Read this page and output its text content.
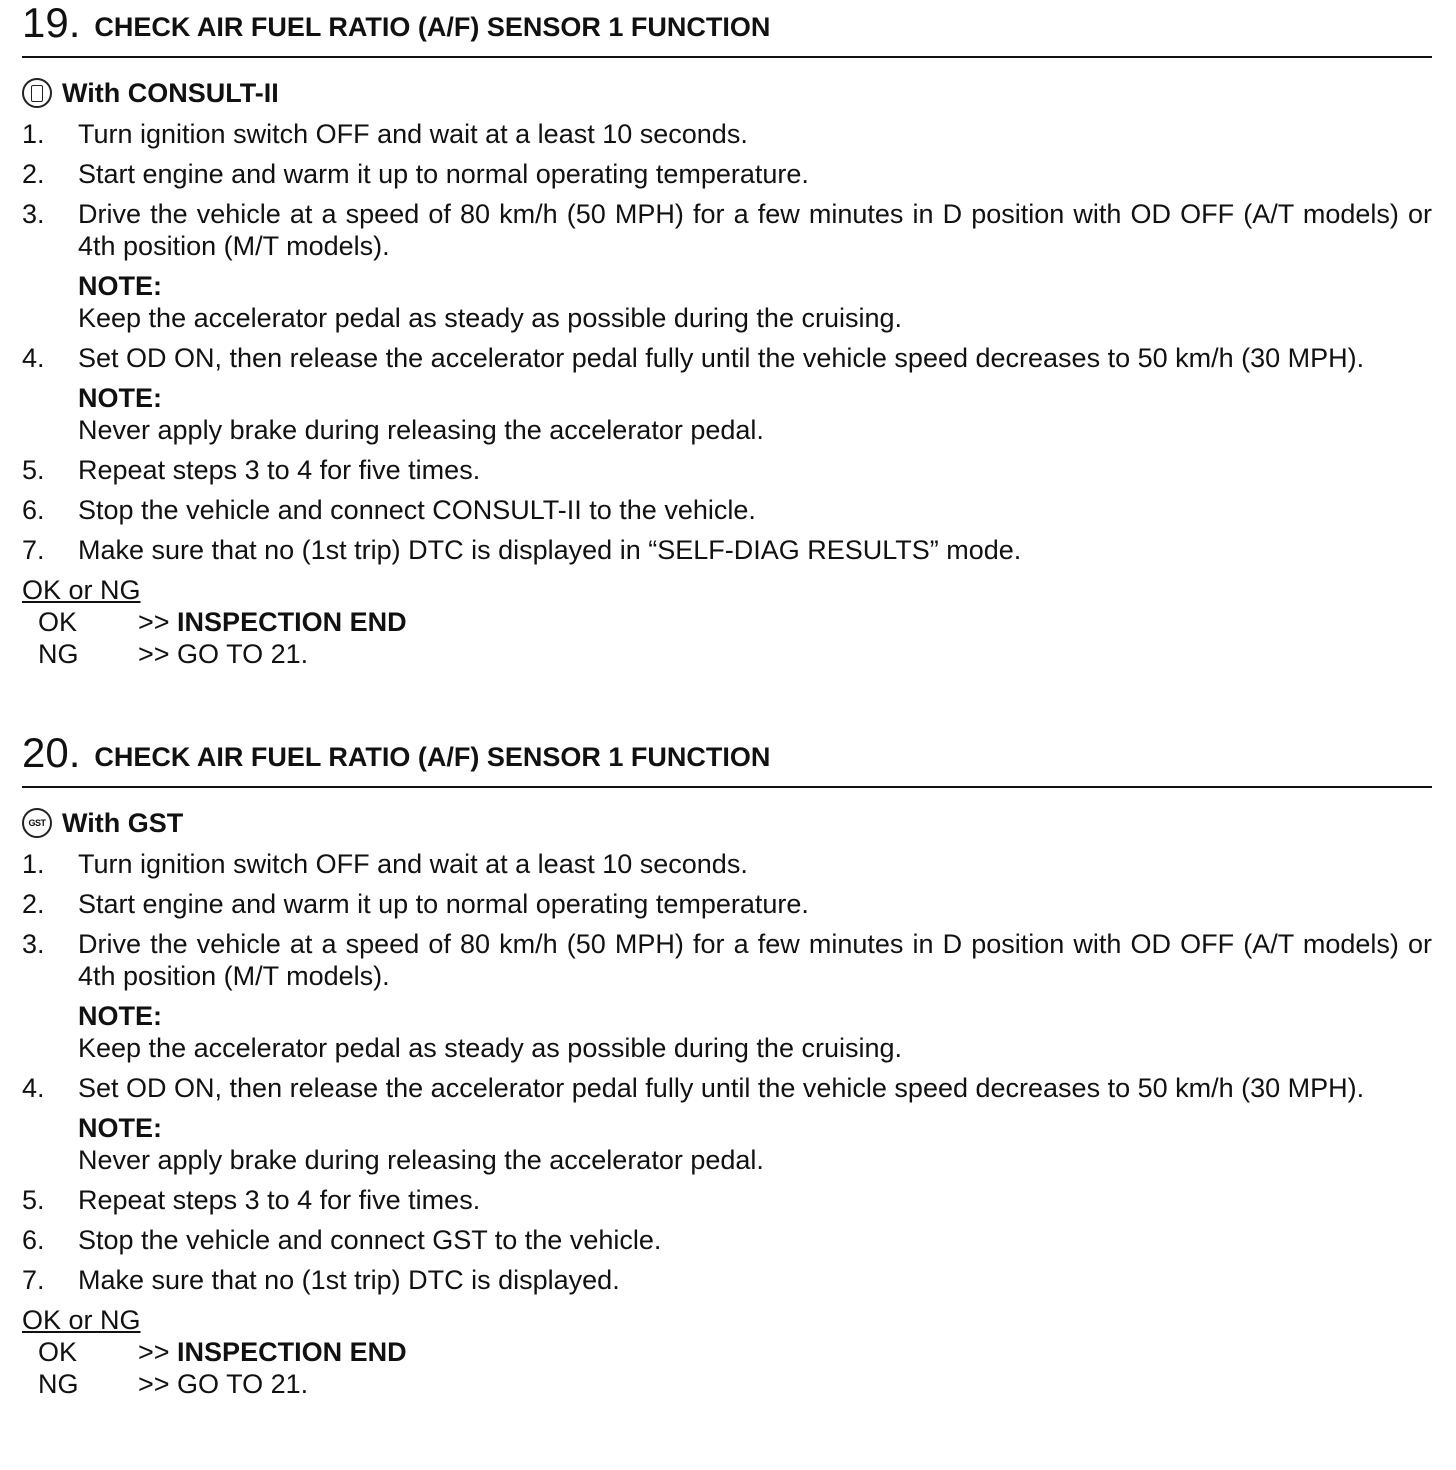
19. CHECK AIR FUEL RATIO (A/F) SENSOR 1 FUNCTION
With CONSULT-II
1. Turn ignition switch OFF and wait at a least 10 seconds.
2. Start engine and warm it up to normal operating temperature.
3. Drive the vehicle at a speed of 80 km/h (50 MPH) for a few minutes in D position with OD OFF (A/T models) or 4th position (M/T models).
NOTE:
Keep the accelerator pedal as steady as possible during the cruising.
4. Set OD ON, then release the accelerator pedal fully until the vehicle speed decreases to 50 km/h (30 MPH).
NOTE:
Never apply brake during releasing the accelerator pedal.
5. Repeat steps 3 to 4 for five times.
6. Stop the vehicle and connect CONSULT-II to the vehicle.
7. Make sure that no (1st trip) DTC is displayed in “SELF-DIAG RESULTS” mode.
OK or NG
OK	>> INSPECTION END
NG	>> GO TO 21.
20. CHECK AIR FUEL RATIO (A/F) SENSOR 1 FUNCTION
GST With GST
1. Turn ignition switch OFF and wait at a least 10 seconds.
2. Start engine and warm it up to normal operating temperature.
3. Drive the vehicle at a speed of 80 km/h (50 MPH) for a few minutes in D position with OD OFF (A/T models) or 4th position (M/T models).
NOTE:
Keep the accelerator pedal as steady as possible during the cruising.
4. Set OD ON, then release the accelerator pedal fully until the vehicle speed decreases to 50 km/h (30 MPH).
NOTE:
Never apply brake during releasing the accelerator pedal.
5. Repeat steps 3 to 4 for five times.
6. Stop the vehicle and connect GST to the vehicle.
7. Make sure that no (1st trip) DTC is displayed.
OK or NG
OK	>> INSPECTION END
NG	>> GO TO 21.
